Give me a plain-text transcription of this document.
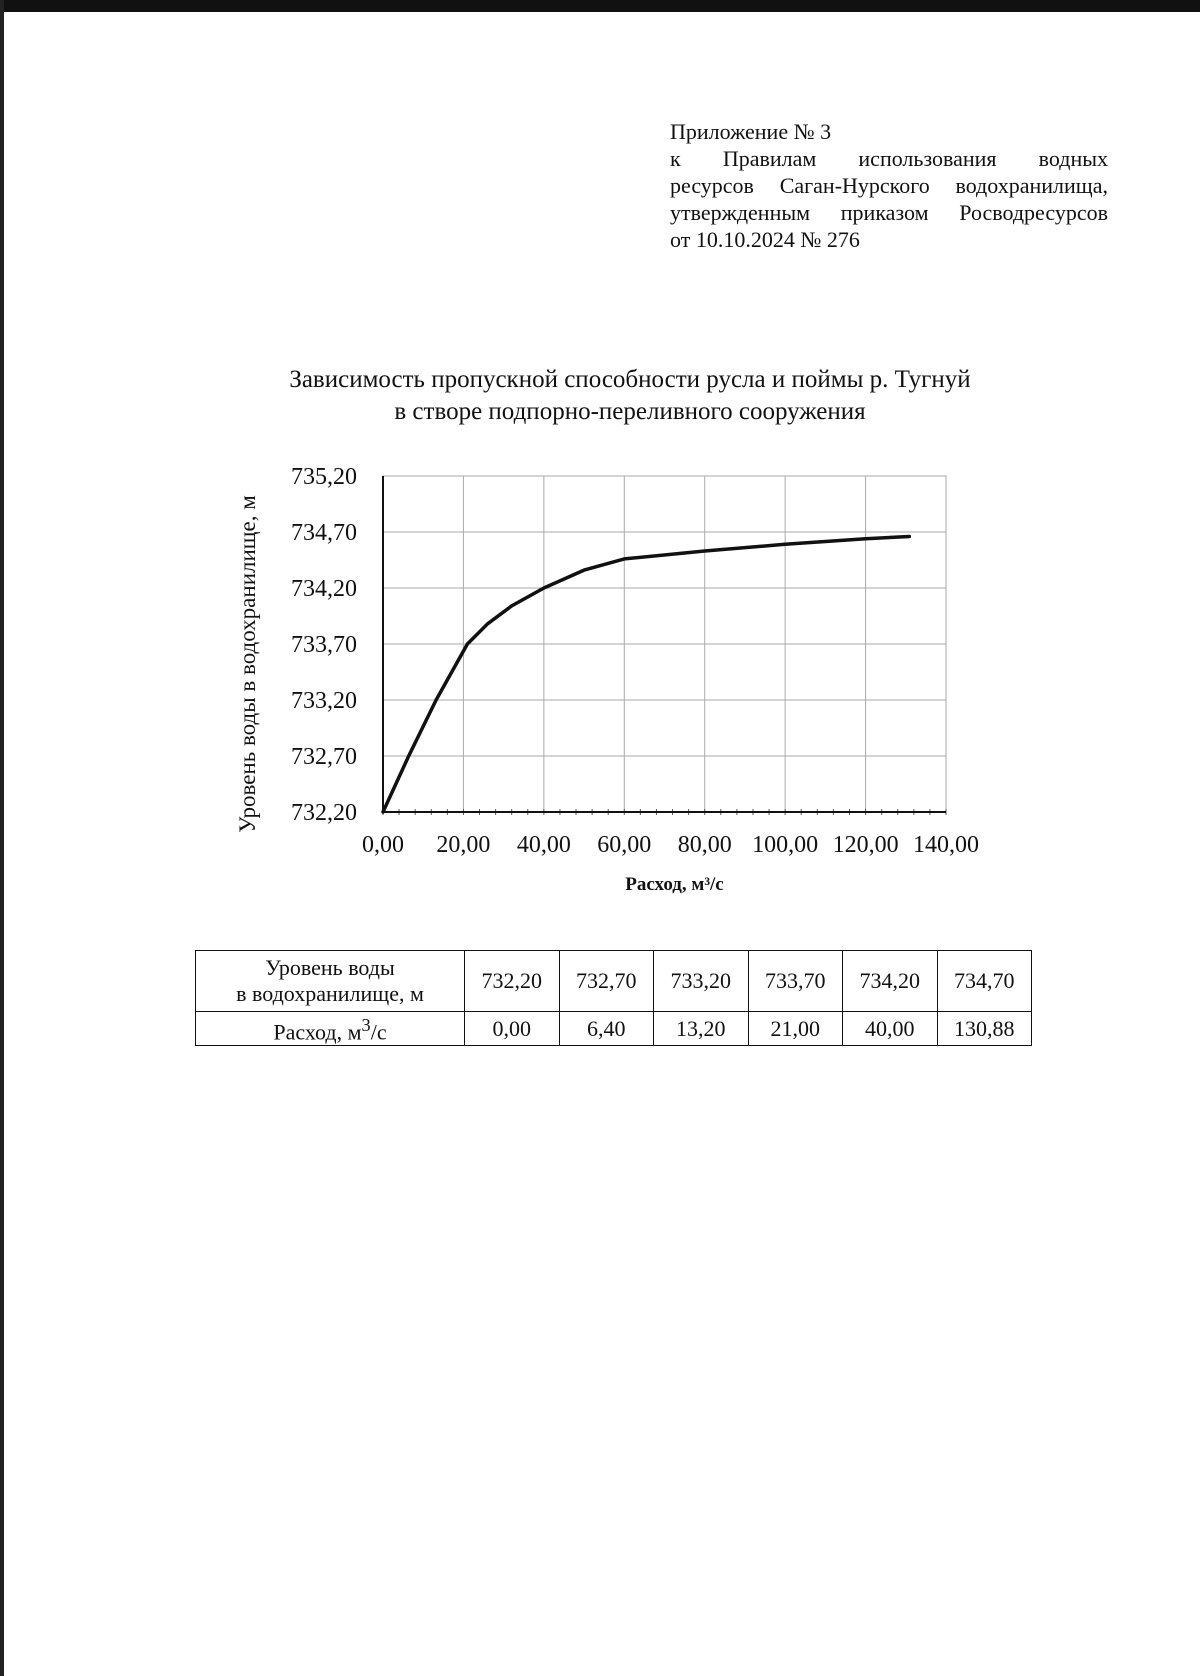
Приложение № 3
к Правилам использования водных
ресурсов Саган-Нурского водохранилища,
утвержденным приказом Росводресурсов
от 10.10.2024 № 276
Зависимость пропускной способности русла и поймы р. Тугнуй
в створе подпорно-переливного сооружения
0,00 20,00 40,00 60,00 80,00 100,00 120,00 140,00
735,20
734,70
734,20
733,70
733,20
732,70
732,20
Расход, м³/с
Уровень воды в водохранилище, м
Уровень воды
в водохранилище, м	732,20	732,70	733,20	733,70	734,20	734,70
Расход, $м^3/с$	0,00	6,40	13,20	21,00	40,00	130,88
